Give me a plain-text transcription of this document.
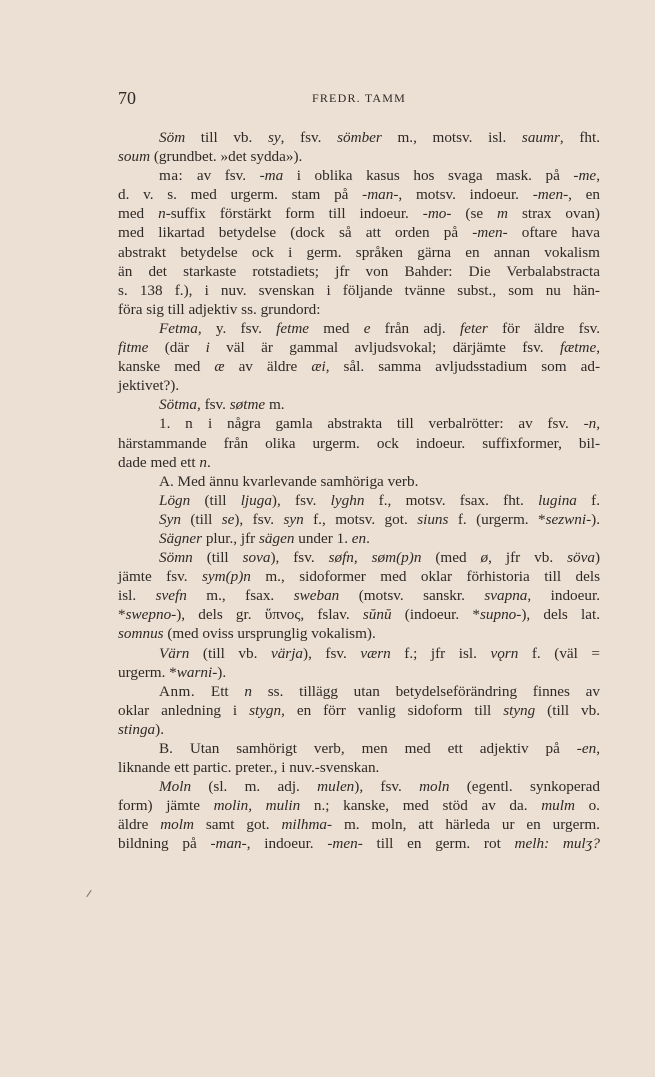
70	FREDR. TAMM
Söm till vb. sy, fsv. sömber m., motsv. isl. saumr, fht.
soum (grundbet. »det sydda»).
ma: av fsv. -ma i oblika kasus hos svaga mask. på -me,
d. v. s. med urgerm. stam på -man-, motsv. indoeur. -men-, en
med n-suffix förstärkt form till indoeur. -mo- (se m strax ovan)
med likartad betydelse (dock så att orden på -men- oftare hava
abstrakt betydelse ock i germ. språken gärna en annan vokalism
än det starkaste rotstadiets; jfr von Bahder: Die Verbalabstracta
s. 138 f.), i nuv. svenskan i följande tvänne subst., som nu hän-
föra sig till adjektiv ss. grundord:
Fetma, y. fsv. fetme med e från adj. feter för äldre fsv.
fitme (där i väl är gammal avljudsvokal; därjämte fsv. fætme,
kanske med æ av äldre æi, sål. samma avljudsstadium som ad-
jektivet?).
Sötma, fsv. søtme m.
1. n i några gamla abstrakta till verbalrötter: av fsv. -n,
härstammande från olika urgerm. ock indoeur. suffixformer, bil-
dade med ett n.
A. Med ännu kvarlevande samhöriga verb.
Lögn (till ljuga), fsv. lyghn f., motsv. fsax. fht. lugina f.
Syn (till se), fsv. syn f., motsv. got. siuns f. (urgerm. *sezwni-).
Sägner plur., jfr sägen under 1. en.
Sömn (till sova), fsv. søfn, søm(p)n (med ø, jfr vb. söva)
jämte fsv. sym(p)n m., sidoformer med oklar förhistoria till dels
isl. svefn m., fsax. sweban (motsv. sanskr. svapna, indoeur.
*swepno-), dels gr. ὕπνος, fslav. sŭnŭ (indoeur. *supno-), dels lat.
somnus (med oviss ursprunglig vokalism).
Värn (till vb. värja), fsv. værn f.; jfr isl. vǫrn f. (väl =
urgerm. *warni-).
Anm. Ett n ss. tillägg utan betydelseförändring finnes av
oklar anledning i stygn, en förr vanlig sidoform till styng (till vb.
stinga).
B. Utan samhörigt verb, men med ett adjektiv på -en,
liknande ett partic. preter., i nuv.-svenskan.
Moln (sl. m. adj. mulen), fsv. moln (egentl. synkoperad
form) jämte molin, mulin n.; kanske, med stöd av da. mulm o.
äldre molm samt got. milhma- m. moln, att härleda ur en urgerm.
bildning på -man-, indoeur. -men- till en germ. rot melh: mulʒ?
